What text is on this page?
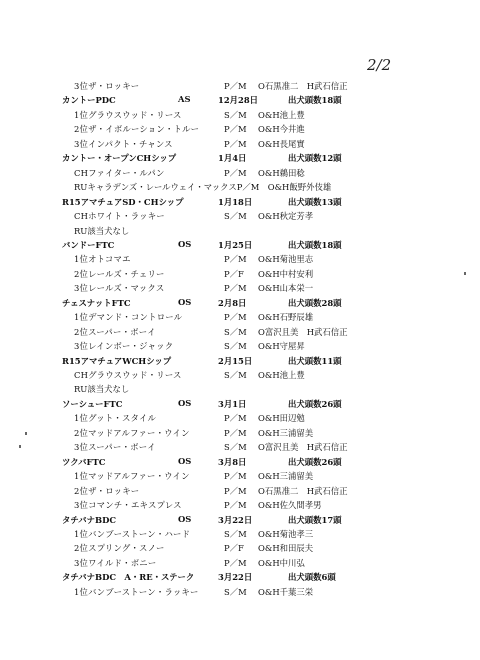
2/2
3位ザ・ロッキー	P／M O石黒准二　H武石信正
カントーPDC	AS	12月28日	出犬頭数18頭
1位グラウスウッド・リース	S／M O&H池上豊
2位ザ・イボルーション・トルー	P／M O&H今井進
3位インパクト・チャンス	P／M O&H長尾實
カントー・オープンCHシップ	1月4日	出犬頭数12頭
CHファイター・ルパン	P／M O&H鵜田稔
RUキャラデンズ・レールウェイ・マックスP／M　O&H飯野外伎雄
R15アマチュアSD・CHシップ	1月18日	出犬頭数13頭
CHホワイト・ラッキー	S／M O&H秋定芳孝
RU該当犬なし
バンドーFTC	OS	1月25日	出犬頭数18頭
1位オトコマエ	P／M O&H菊池里志
2位レールズ・チェリー	P／F O&H中村安利
3位レールズ・マックス	P／M O&H山本栄一
チェスナットFTC	OS	2月8日	出犬頭数28頭
1位デマンド・コントロール	P／M O&H石野辰雄
2位スーパー・ボーイ	S／M O富沢且美　H武石信正
3位レインボー・ジャック	S／M O&H守屋昇
R15アマチュアWCHシップ	2月15日	出犬頭数11頭
CHグラウスウッド・リース	S／M O&H池上豊
RU該当犬なし
ソーシューFTC	OS	3月1日	出犬頭数26頭
1位グット・スタイル	P／M O&H田辺勉
2位マッドアルファー・ウイン	P／M O&H三浦留美
3位スーパー・ボーイ	S／M O富沢且美　H武石信正
ツクバFTC	OS	3月8日	出犬頭数26頭
1位マッドアルファー・ウイン	P／M O&H三浦留美
2位ザ・ロッキー	P／M O石黒准二　H武石信正
3位コマンチ・エキスプレス	P／M O&H佐久間孝男
タチバナBDC	OS	3月22日	出犬頭数17頭
1位バンブーストーン・ハード	S／M O&H菊池孝三
2位スプリング・スノー	P／F O&H和田辰夫
3位ワイルド・ボニー	P／M O&H中川弘
タチバナBDC　A・RE・ステーク	3月22日	出犬頭数6頭
1位バンブーストーン・ラッキー	S／M O&H千葉三栄
